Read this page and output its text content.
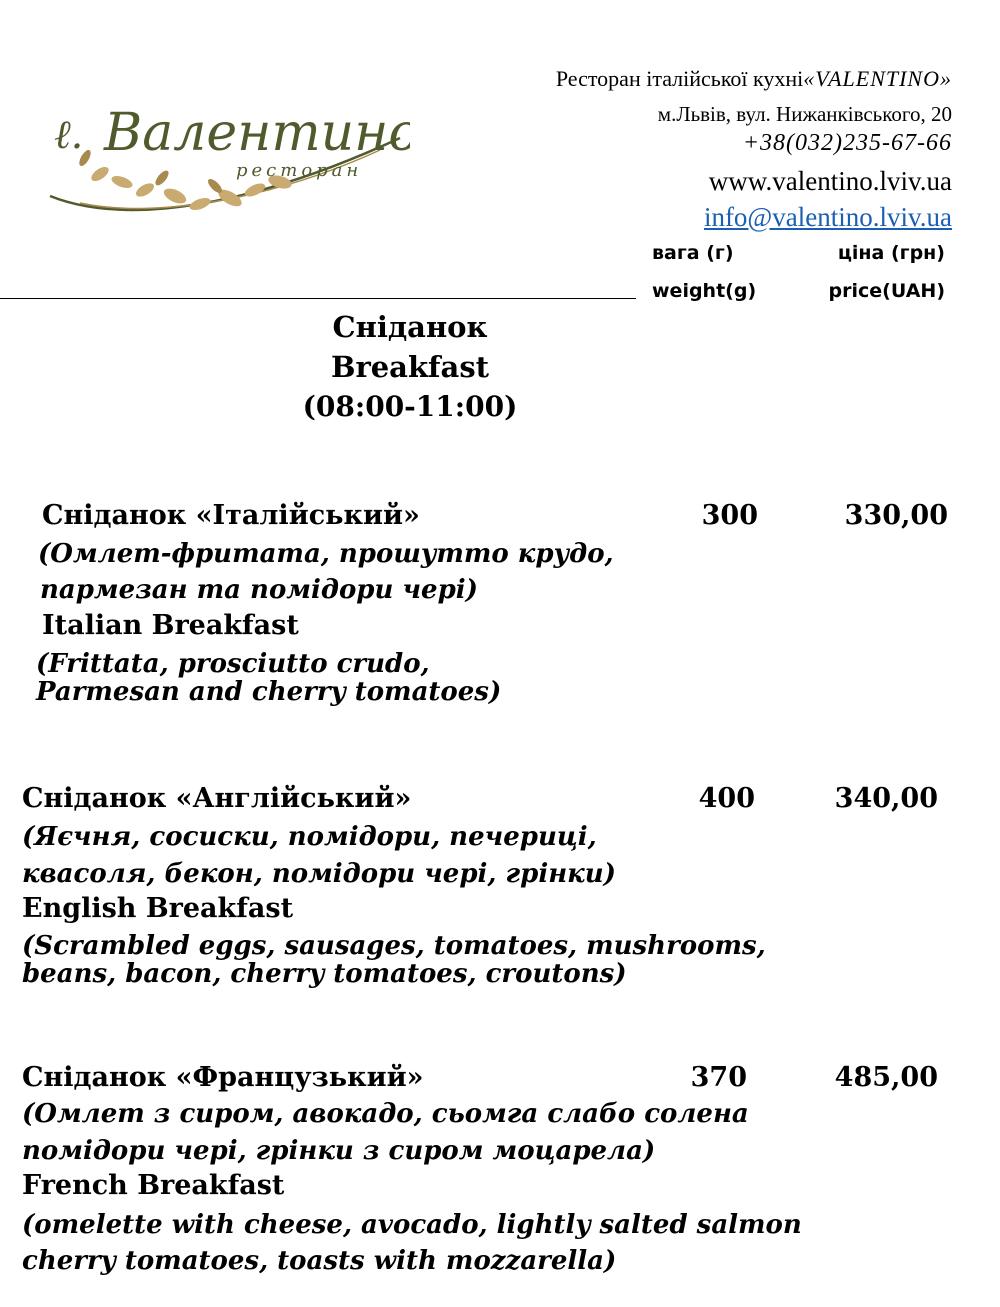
ℓ. Валентино
ресторан
Ресторан італійської кухні«VALENTINO»
м.Львів, вул. Нижанківського, 20
+38(032)235-67-66
www.valentino.lviv.ua
info@valentino.lviv.ua
вага (г)	ціна (грн)
weight(g)	price(UAH)
Сніданок
Breakfast
(08:00-11:00)
Сніданок «Італійський»
(Омлет-фритата, прошутто крудо,
пармезан та помідори черi)
Italian Breakfast
(Frittata, prosciutto crudo,
Parmesan and cherry tomatoes)
300	330,00
Сніданок «Англійський»
(Яєчня, сосиски, помідори, печериці,
квасоля, бекон, помідори черi, грінки)
English Breakfast
(Scrambled eggs, sausages, tomatoes, mushrooms,
beans, bacon, cherry tomatoes, croutons)
400	340,00
Сніданок «Французький»
(Омлет з сиром, авокадо, сьомга слабо солена
помідори черi, грінки з сиром моцарела)
French Breakfast
(omelette with cheese, avocado, lightly salted salmon
cherry tomatoes, toasts with mozzarella)
370	485,00
